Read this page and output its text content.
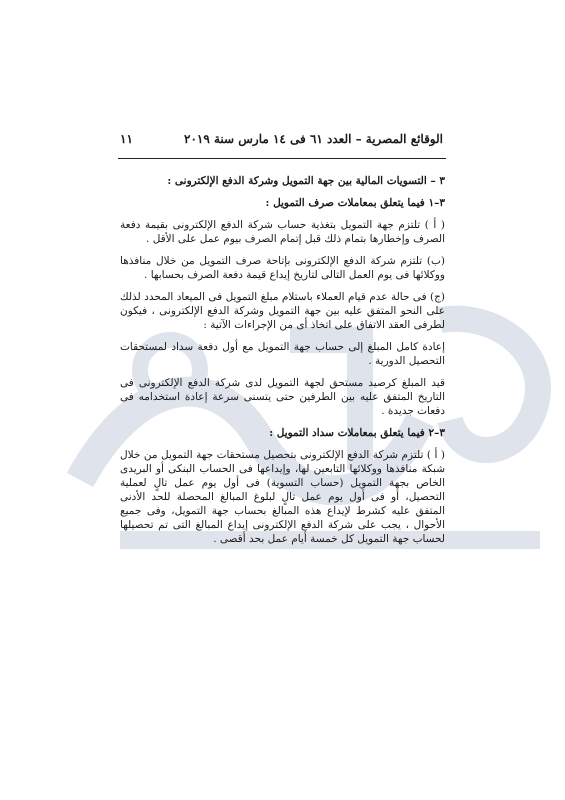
١١	الوقائع المصرية – العدد ٦١ فى ١٤ مارس سنة ٢٠١٩

٣ – التسويات المالية بين جهة التمويل وشركة الدفع الإلكترونى :

٣–١ فيما يتعلق بمعاملات صرف التمويل :

( أ ) تلتزم جهة التمويل بتغذية حساب شركة الدفع الإلكترونى بقيمة دفعة الصرف وإخطارها بتمام ذلك قبل إتمام الصرف بيوم عمل على الأقل .

(ب) تلتزم شركة الدفع الإلكترونى بإتاحة صرف التمويل من خلال منافذها ووكلائها فى يوم العمل التالى لتاريخ إيداع قيمة دفعة الصرف بحسابها .

(ج) فى حالة عدم قيام العملاء باستلام مبلغ التمويل فى الميعاد المحدد لذلك على النحو المتفق عليه بين جهة التمويل وشركة الدفع الإلكترونى ، فيكون لطرفى العقد الاتفاق على اتخاذ أى من الإجراءات الآتية :

إعادة كامل المبلغ إلى حساب جهة التمويل مع أول دفعة سداد لمستحقات التحصيل الدورية .

قيد المبلغ كرصيد مستحق لجهة التمويل لدى شركة الدفع الإلكترونى فى التاريخ المتفق عليه بين الطرفين حتى يتسنى سرعة إعادة استخدامه فى دفعات جديدة .

٣–٢ فيما يتعلق بمعاملات سداد التمويل :

( أ ) تلتزم شركة الدفع الإلكترونى بتحصيل مستحقات جهة التمويل من خلال شبكة منافذها ووكلائها التابعين لها، وإيداعها فى الحساب البنكى أو البريدى الخاص بجهة التمويل (حساب التسوية) فى أول يوم عمل تالٍ لعملية التحصيل، أو فى أول يوم عمل تالٍ لبلوغ المبالغ المحصلة للحد الأدنى المتفق عليه كشرط لإيداع هذه المبالغ بحساب جهة التمويل، وفى جميع الأحوال ، يجب على شركة الدفع الإلكترونى إيداع المبالغ التى تم تحصيلها لحساب جهة التمويل كل خمسة أيام عمل بحد أقصى .
